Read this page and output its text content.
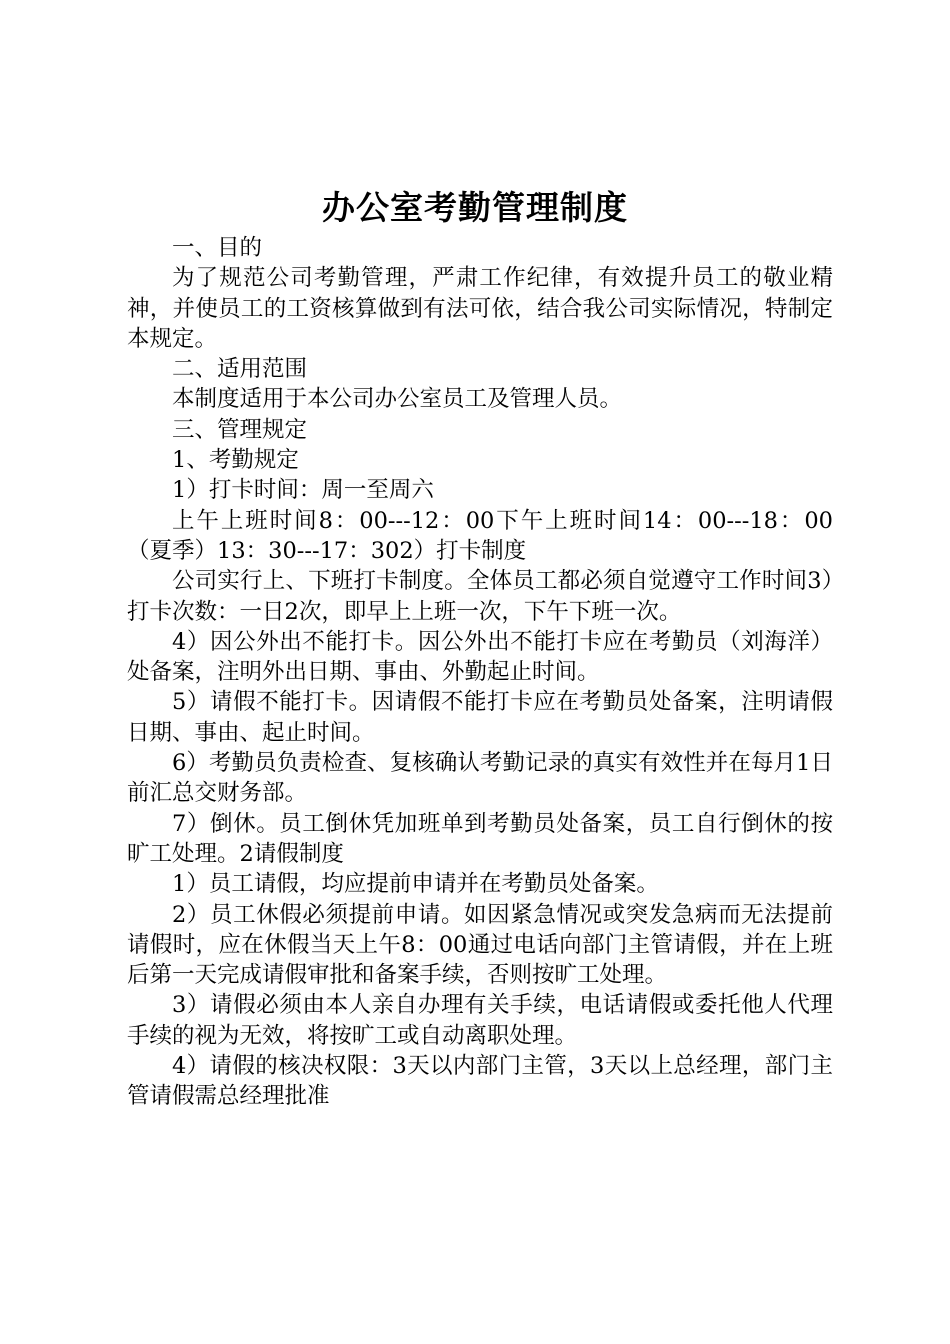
办公室考勤管理制度

一、目的

为了规范公司考勤管理，严肃工作纪律，有效提升员工的敬业精神，并使员工的工资核算做到有法可依，结合我公司实际情况，特制定本规定。

二、适用范围

本制度适用于本公司办公室员工及管理人员。

三、管理规定

1、考勤规定

1）打卡时间：周一至周六

上午上班时间8：00---12：00下午上班时间14：00---18：00（夏季）13：30---17：302）打卡制度

公司实行上、下班打卡制度。全体员工都必须自觉遵守工作时间3）打卡次数：一日2次，即早上上班一次，下午下班一次。

4）因公外出不能打卡。因公外出不能打卡应在考勤员（刘海洋）处备案，注明外出日期、事由、外勤起止时间。

5）请假不能打卡。因请假不能打卡应在考勤员处备案，注明请假日期、事由、起止时间。

6）考勤员负责检查、复核确认考勤记录的真实有效性并在每月1日前汇总交财务部。

7）倒休。员工倒休凭加班单到考勤员处备案，员工自行倒休的按旷工处理。2请假制度

1）员工请假，均应提前申请并在考勤员处备案。

2）员工休假必须提前申请。如因紧急情况或突发急病而无法提前请假时，应在休假当天上午8：00通过电话向部门主管请假，并在上班后第一天完成请假审批和备案手续，否则按旷工处理。

3）请假必须由本人亲自办理有关手续，电话请假或委托他人代理手续的视为无效，将按旷工或自动离职处理。

4）请假的核决权限：3天以内部门主管，3天以上总经理，部门主管请假需总经理批准
